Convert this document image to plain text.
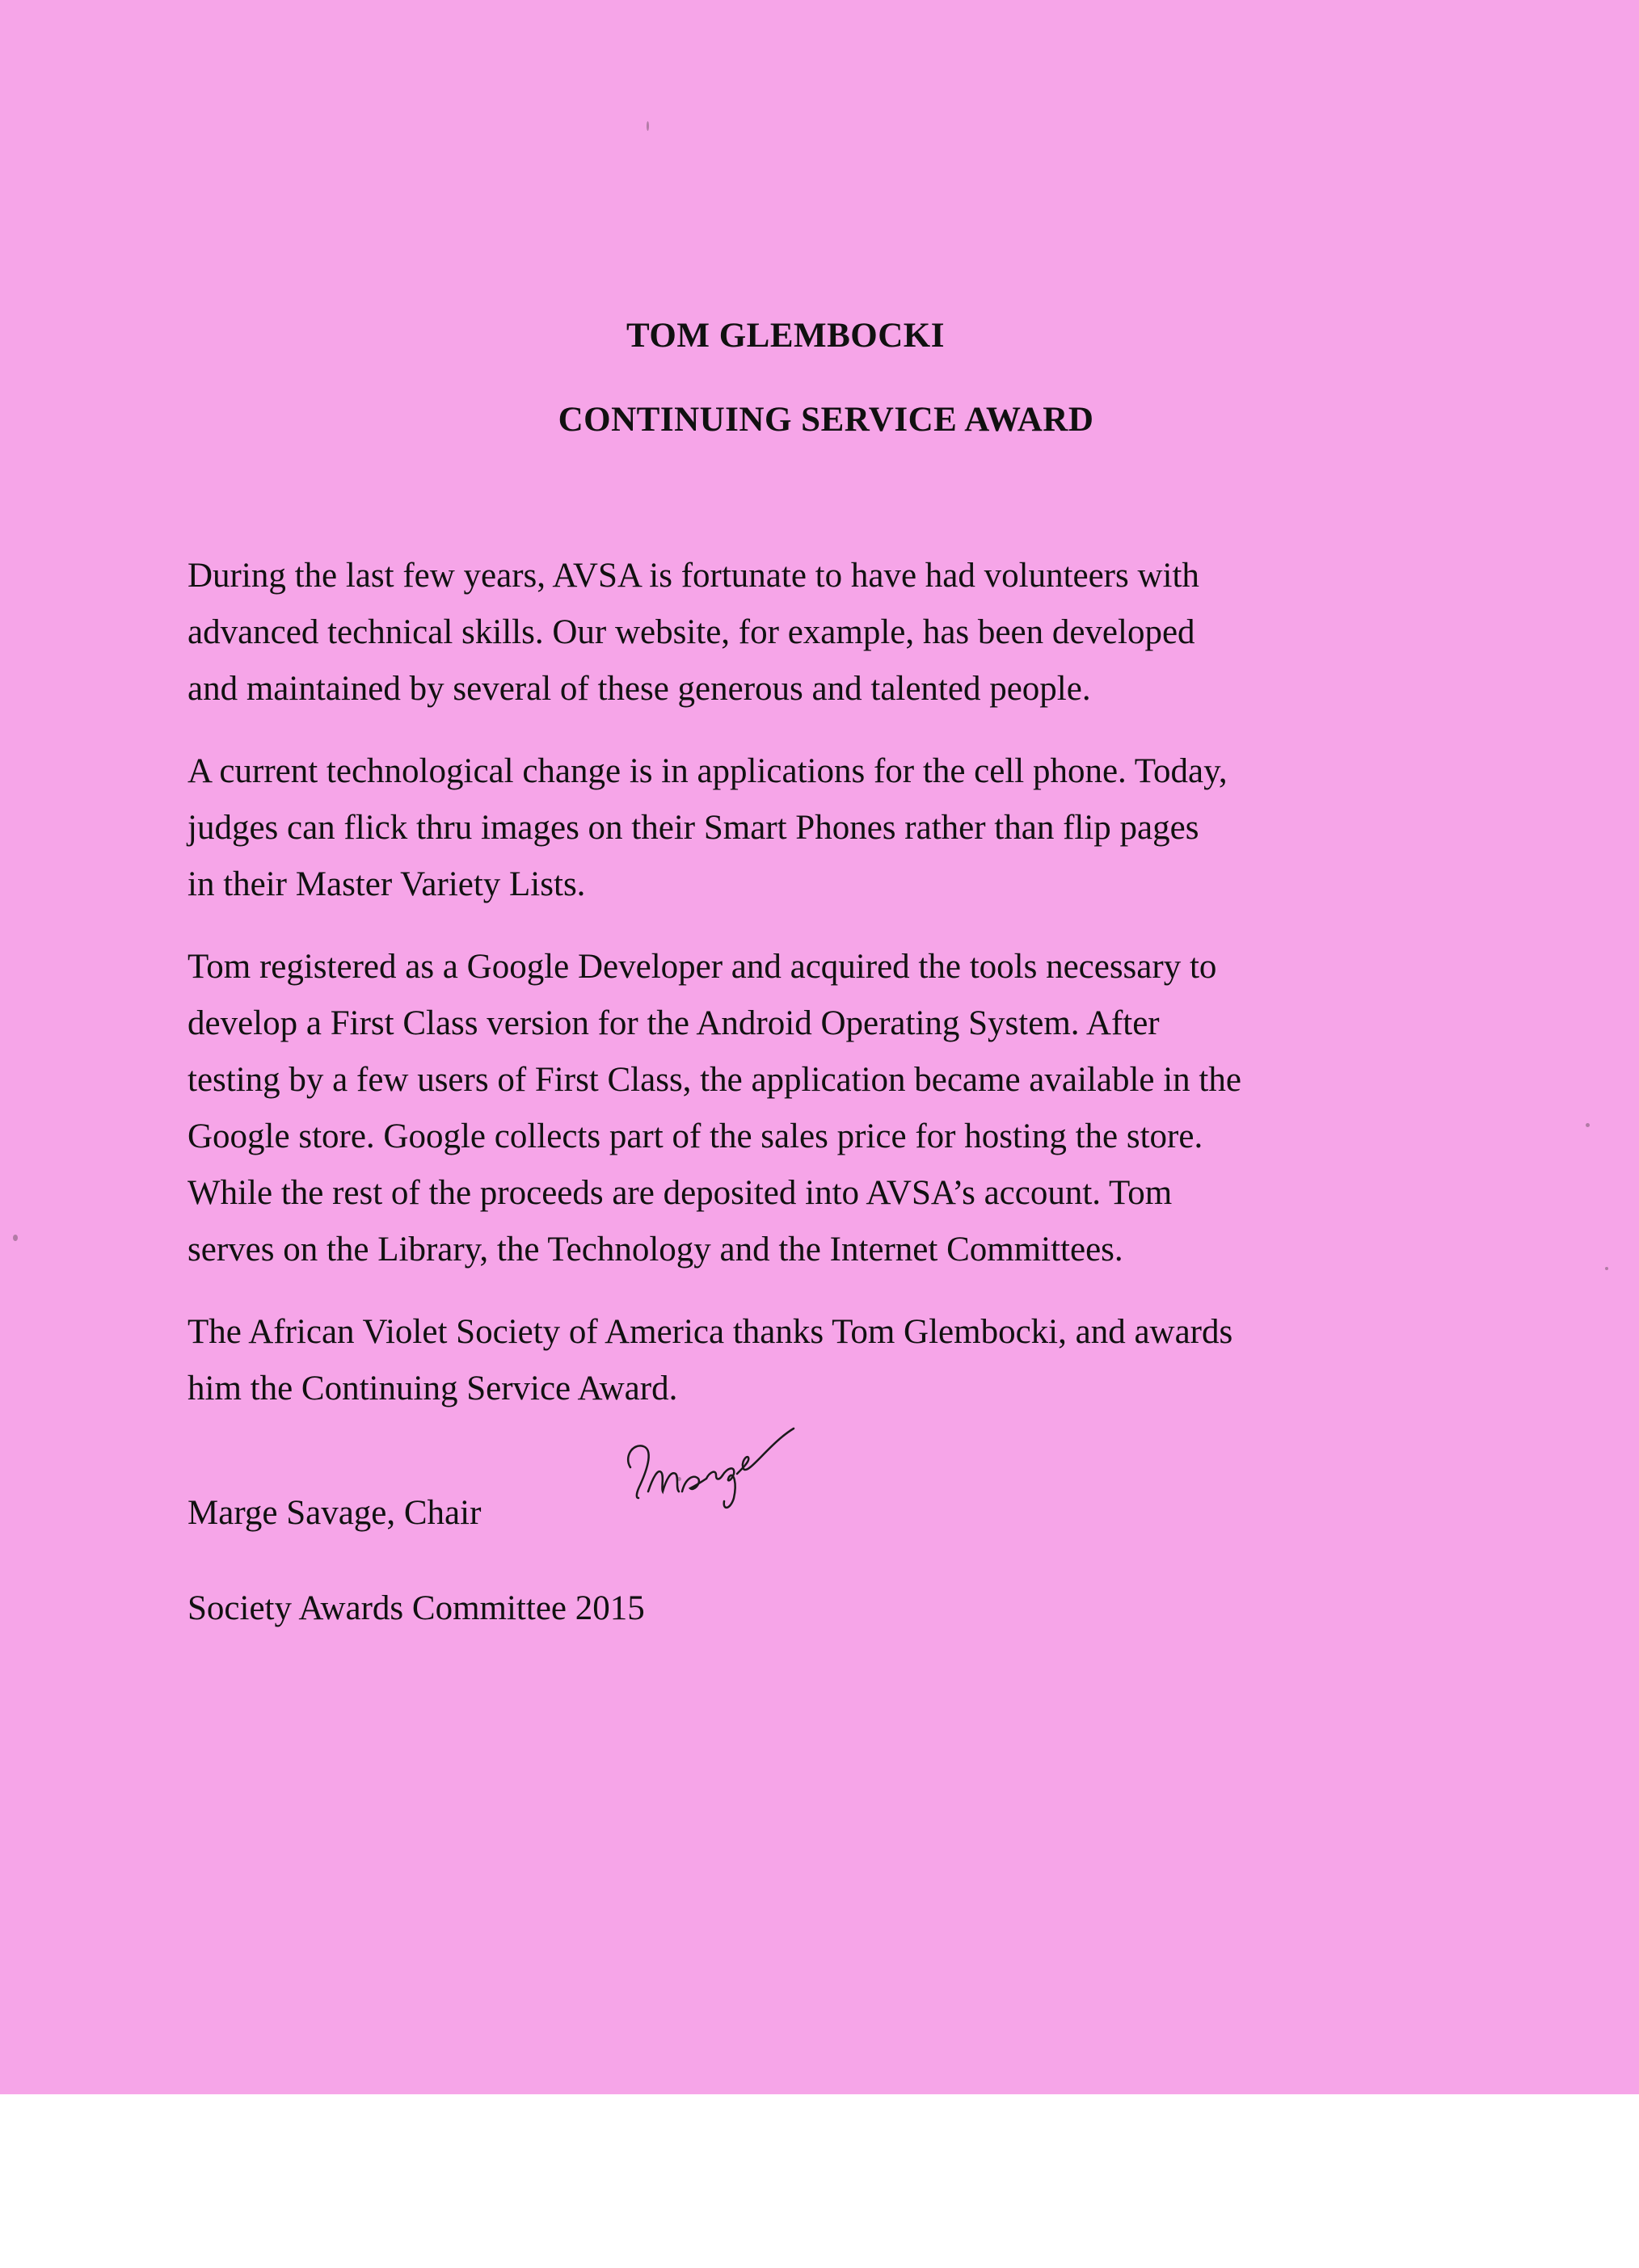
TOM GLEMBOCKI
CONTINUING SERVICE AWARD

During the last few years, AVSA is fortunate to have had volunteers with
advanced technical skills. Our website, for example, has been developed
and maintained by several of these generous and talented people.

A current technological change is in applications for the cell phone. Today,
judges can flick thru images on their Smart Phones rather than flip pages
in their Master Variety Lists.

Tom registered as a Google Developer and acquired the tools necessary to
develop a First Class version for the Android Operating System. After
testing by a few users of First Class, the application became available in the
Google store. Google collects part of the sales price for hosting the store.
While the rest of the proceeds are deposited into AVSA’s account. Tom
serves on the Library, the Technology and the Internet Committees.

The African Violet Society of America thanks Tom Glembocki, and awards
him the Continuing Service Award.

Marge Savage, Chair

Society Awards Committee 2015
